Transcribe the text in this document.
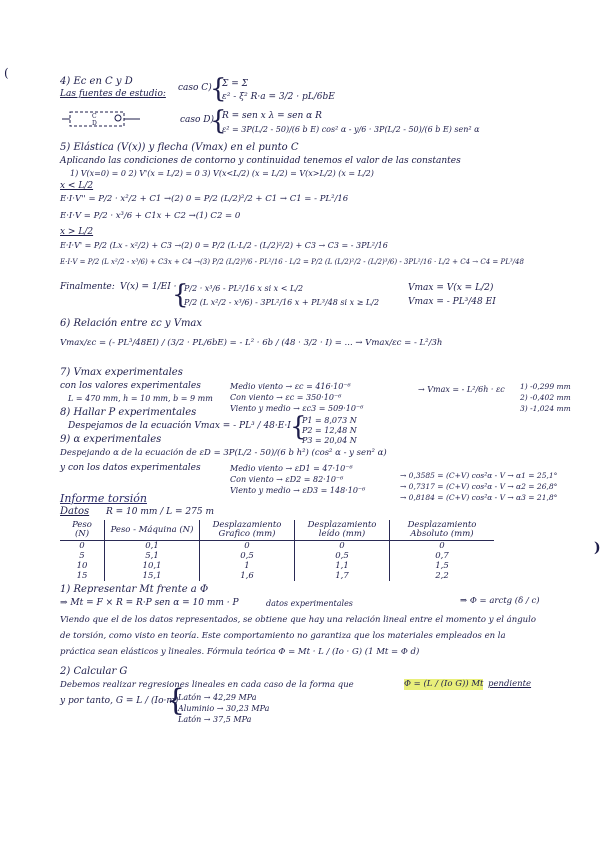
(
)
4) Ec en C y D
Las fuentes de estudio:
C
D
caso C)
{
Σ = Σ
ε² - ξ² R·a = 3/2 · pL/6bE
caso D)
{
R = sen x λ = sen α R
ε² = 3P(L/2 - 50)/(6 b E) cos² α - y/6 · 3P(L/2 - 50)/(6 b E) sen² α
5) Elástica (V(x)) y flecha (Vmax) en el punto C
Aplicando las condiciones de contorno y continuidad tenemos el valor de las constantes
1) V(x=0) = 0 2) V'(x = L/2) = 0 3) V(x<L/2) (x = L/2) = V(x>L/2) (x = L/2)
x < L/2
E·I·V'' = P/2 · x²/2 + C1 →(2) 0 = P/2 (L/2)²/2 + C1 → C1 = - PL²/16
E·I·V = P/2 · x³/6 + C1x + C2 →(1) C2 = 0
x > L/2
E·I·V' = P/2 (Lx - x²/2) + C3 →(2) 0 = P/2 (L·L/2 - (L/2)²/2) + C3 → C3 = - 3PL²/16
E·I·V = P/2 (L x²/2 - x³/6) + C3x + C4 →(3) P/2 (L/2)³/6 - PL²/16 · L/2 = P/2 (L (L/2)²/2 - (L/2)³/6) - 3PL²/16 · L/2 + C4 → C4 = PL³/48
Finalmente: V(x) = 1/EI ·
{
P/2 · x³/6 - PL²/16 x si x < L/2
P/2 (L x²/2 - x³/6) - 3PL²/16 x + PL³/48 si x ≥ L/2
Vmax = V(x = L/2)
Vmax = - PL³/48 EI
6) Relación entre εc y Vmax
Vmax/εc = (- PL³/48EI) / (3/2 · PL/6bE) = - L² · 6b / (48 · 3/2 · I) = ... → Vmax/εc = - L²/3h
7) Vmax experimentales
con los valores experimentales
L = 470 mm, h = 10 mm, b = 9 mm
Medio viento → εc = 416·10⁻⁶
Con viento → εc = 350·10⁻⁶
Viento y medio → εc3 = 509·10⁻⁶
→ Vmax = - L²/6h · εc 1) -0,299 mm
2) -0,402 mm
3) -1,024 mm
8) Hallar P experimentales
Despejamos de la ecuación Vmax = - PL³ / 48·E·I {
P1 = 8,073 N
P2 = 12,48 N
P3 = 20,04 N
9) α experimentales
Despejando α de la ecuación de εD = 3P(L/2 - 50)/(6 b h²) (cos² α - y sen² α)
y con los datos experimentales	Medio viento → εD1 = 47·10⁻⁶
Con viento → εD2 = 82·10⁻⁶
Viento y medio → εD3 = 148·10⁻⁶
→ 0,3585 = (C+V) cos²α - V → α1 = 25,1°
→ 0,7317 = (C+V) cos²α - V → α2 = 26,8°
→ 0,8184 = (C+V) cos²α - V → α3 = 21,8°
Informe torsión
Datos R = 10 mm / L = 275 m
Peso (N)	Peso - Máquina (N)	Desplazamiento Grafico (mm)	Desplazamiento leído (mm)	Desplazamiento Absoluto (mm)
0	0,1	0	0	0
5	5,1	0,5	0,5	0,7
10	10,1	1	1,1	1,5
15	15,1	1,6	1,7	2,2
1) Representar Mt frente a Φ
⇒ Mt = F × R = R·P sen α = 10 mm · P	datos experimentales	⇒ Φ = arctg (δ / c)
Viendo que el de los datos representados, se obtiene que hay una relación lineal entre el momento y el ángulo
de torsión, como visto en teoría. Este comportamiento no garantiza que los materiales empleados en la
práctica sean elásticos y lineales. Fórmula teórica Φ = Mt · L / (Io · G) (1 Mt = Φ d)
2) Calcular G
Debemos realizar regresiones lineales en cada caso de la forma que	Φ = (L / (Io G)) Mt pendiente
y por tanto, G = L / (Io·m)
{
Latón → 42,29 MPa
Aluminio → 30,23 MPa
Latón → 37,5 MPa
